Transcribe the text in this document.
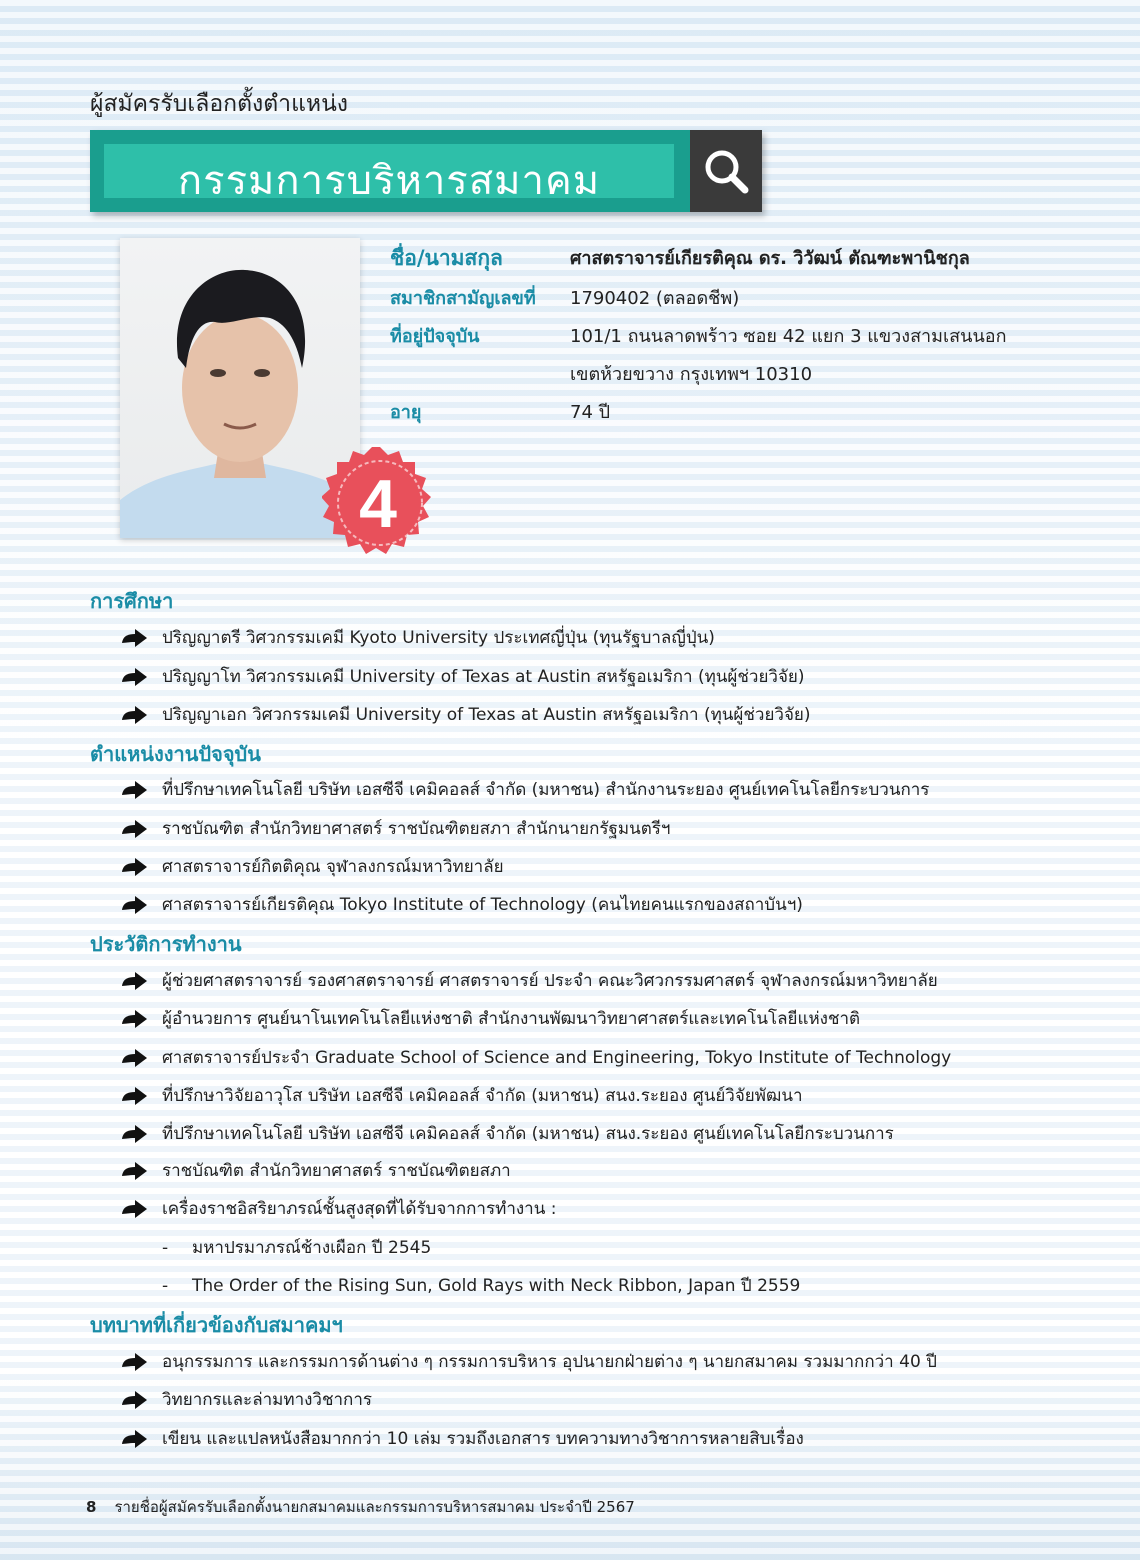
ผู้สมัครรับเลือกตั้งตำแหน่ง
กรรมการบริหารสมาคม
4
ชื่อ/นามสกุล	ศาสตราจารย์เกียรติคุณ ดร. วิวัฒน์ ตัณฑะพานิชกุล
สมาชิกสามัญเลขที่ 1790402 (ตลอดชีพ)
ที่อยู่ปัจจุบัน	101/1 ถนนลาดพร้าว ซอย 42 แยก 3 แขวงสามเสนนอก
เขตห้วยขวาง กรุงเทพฯ 10310
อายุ	74 ปี
การศึกษา
ปริญญาตรี วิศวกรรมเคมี Kyoto University ประเทศญี่ปุ่น (ทุนรัฐบาลญี่ปุ่น)
ปริญญาโท วิศวกรรมเคมี University of Texas at Austin สหรัฐอเมริกา (ทุนผู้ช่วยวิจัย)
ปริญญาเอก วิศวกรรมเคมี University of Texas at Austin สหรัฐอเมริกา (ทุนผู้ช่วยวิจัย)
ตำแหน่งงานปัจจุบัน
ที่ปรึกษาเทคโนโลยี บริษัท เอสซีจี เคมิคอลส์ จำกัด (มหาชน) สำนักงานระยอง ศูนย์เทคโนโลยีกระบวนการ
ราชบัณฑิต สำนักวิทยาศาสตร์ ราชบัณฑิตยสภา สำนักนายกรัฐมนตรีฯ
ศาสตราจารย์กิตติคุณ จุฬาลงกรณ์มหาวิทยาลัย
ศาสตราจารย์เกียรติคุณ Tokyo Institute of Technology (คนไทยคนแรกของสถาบันฯ)
ประวัติการทำงาน
ผู้ช่วยศาสตราจารย์ รองศาสตราจารย์ ศาสตราจารย์ ประจำ คณะวิศวกรรมศาสตร์ จุฬาลงกรณ์มหาวิทยาลัย
ผู้อำนวยการ ศูนย์นาโนเทคโนโลยีแห่งชาติ สำนักงานพัฒนาวิทยาศาสตร์และเทคโนโลยีแห่งชาติ
ศาสตราจารย์ประจำ Graduate School of Science and Engineering, Tokyo Institute of Technology
ที่ปรึกษาวิจัยอาวุโส บริษัท เอสซีจี เคมิคอลส์ จำกัด (มหาชน) สนง.ระยอง ศูนย์วิจัยพัฒนา
ที่ปรึกษาเทคโนโลยี บริษัท เอสซีจี เคมิคอลส์ จำกัด (มหาชน) สนง.ระยอง ศูนย์เทคโนโลยีกระบวนการ
ราชบัณฑิต สำนักวิทยาศาสตร์ ราชบัณฑิตยสภา
เครื่องราชอิสริยาภรณ์ชั้นสูงสุดที่ได้รับจากการทำงาน :
- มหาปรมาภรณ์ช้างเผือก ปี 2545
- The Order of the Rising Sun, Gold Rays with Neck Ribbon, Japan ปี 2559
บทบาทที่เกี่ยวข้องกับสมาคมฯ
อนุกรรมการ และกรรมการด้านต่าง ๆ กรรมการบริหาร อุปนายกฝ่ายต่าง ๆ นายกสมาคม รวมมากกว่า 40 ปี
วิทยากรและล่ามทางวิชาการ
เขียน และแปลหนังสือมากกว่า 10 เล่ม รวมถึงเอกสาร บทความทางวิชาการหลายสิบเรื่อง
8 รายชื่อผู้สมัครรับเลือกตั้งนายกสมาคมและกรรมการบริหารสมาคม ประจำปี 2567
